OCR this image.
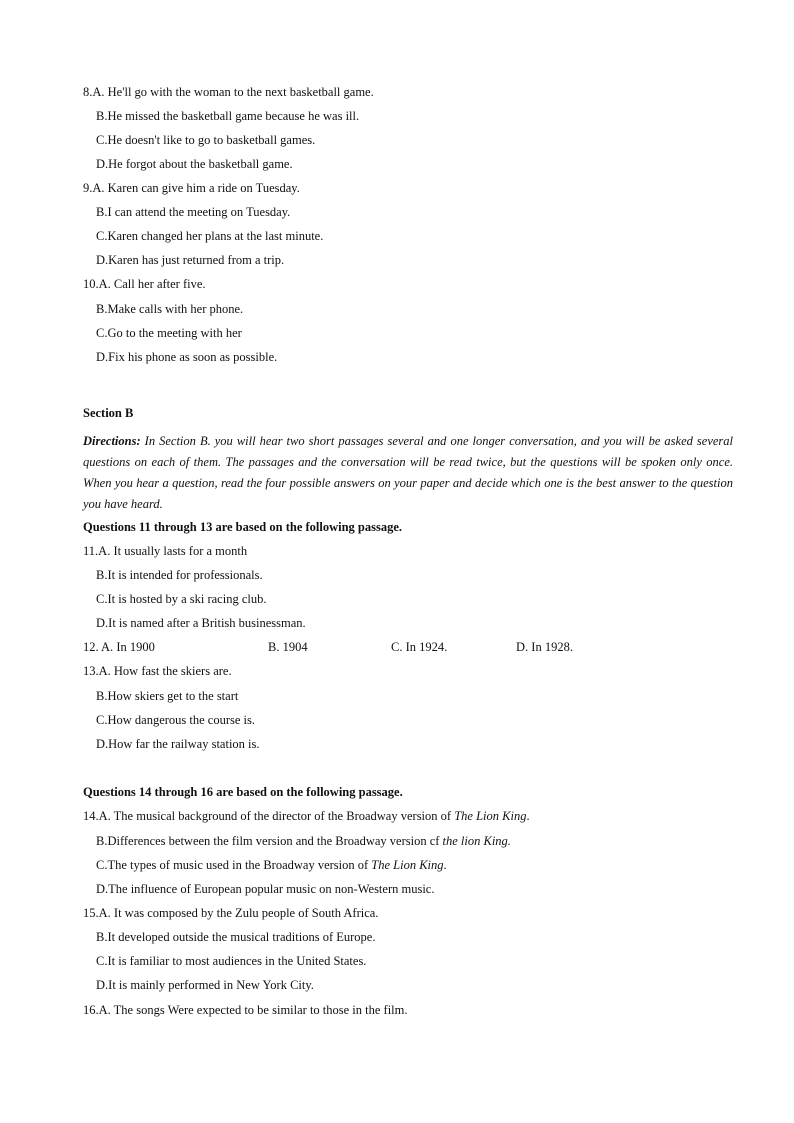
8.A. He'll go with the woman to the next basketball game.
B.He missed the basketball game because he was ill.
C.He doesn't like to go to basketball games.
D.He forgot about the basketball game.
9.A. Karen can give him a ride on Tuesday.
B.I can attend the meeting on Tuesday.
C.Karen changed her plans at the last minute.
D.Karen has just returned from a trip.
10.A. Call her after five.
B.Make calls with her phone.
C.Go to the meeting with her
D.Fix his phone as soon as possible.
Section B

Directions: In Section B. you will hear two short passages several and one longer conversation, and you will be asked several questions on each of them. The passages and the conversation will be read twice, but the questions will be spoken only once. When you hear a question, read the four possible answers on your paper and decide which one is the best answer to the question you have heard.

Questions 11 through 13 are based on the following passage.
11.A. It usually lasts for a month
B.It is intended for professionals.
C.It is hosted by a ski racing club.
D.It is named after a British businessman.
12. A. In 1900	B. 1904	C. In 1924.	D. In 1928.
13.A. How fast the skiers are.
B.How skiers get to the start
C.How dangerous the course is.
D.How far the railway station is.
Questions 14 through 16 are based on the following passage.
14.A. The musical background of the director of the Broadway version of The Lion King.
B.Differences between the film version and the Broadway version cf the lion King.
C.The types of music used in the Broadway version of The Lion King.
D.The influence of European popular music on non-Western music.
15.A. It was composed by the Zulu people of South Africa.
B.It developed outside the musical traditions of Europe.
C.It is familiar to most audiences in the United States.
D.It is mainly performed in New York City.
16.A. The songs Were expected to be similar to those in the film.
